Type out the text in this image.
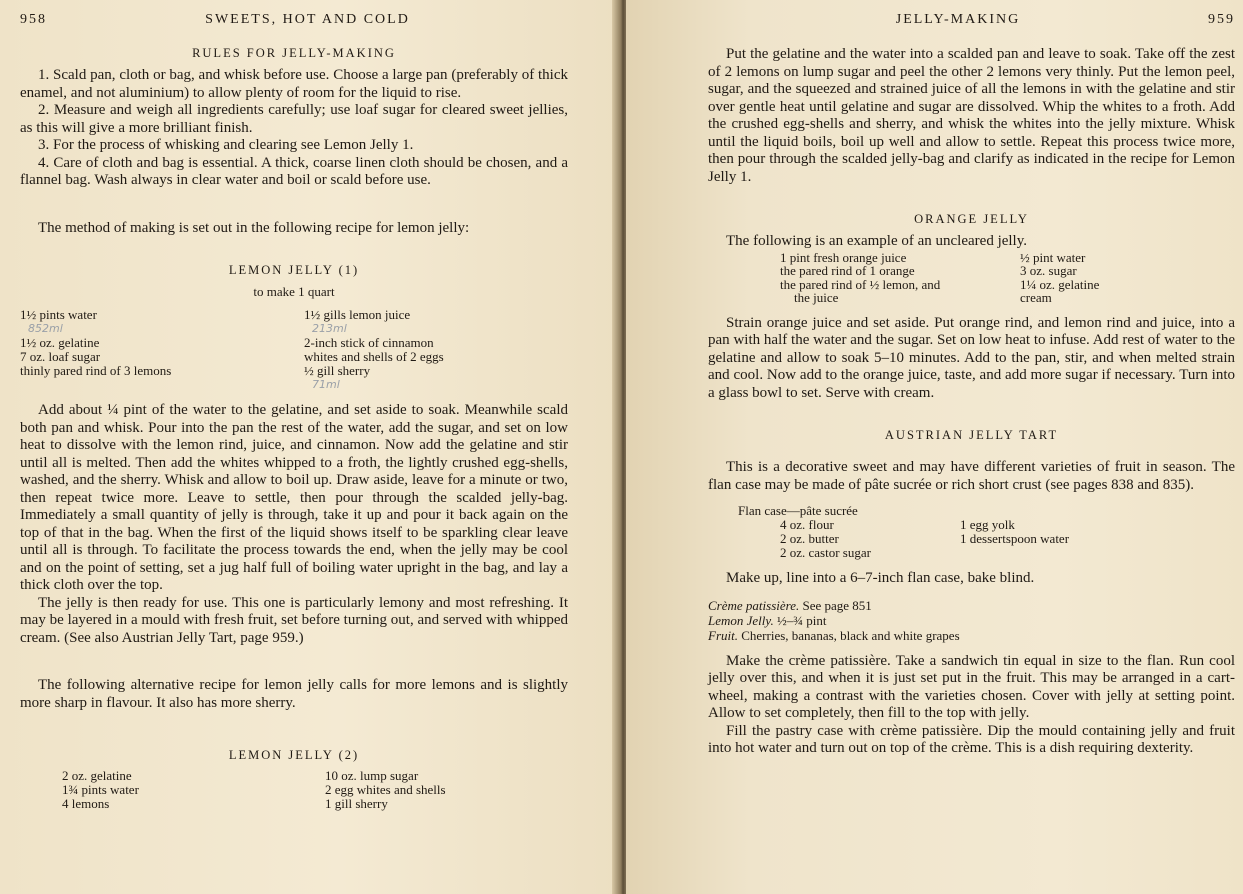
958	SWEETS, HOT AND COLD
RULES FOR JELLY-MAKING

1. Scald pan, cloth or bag, and whisk before use. Choose a large pan (preferably of thick enamel, and not aluminium) to allow plenty of room for the liquid to rise.

2. Measure and weigh all ingredients carefully; use loaf sugar for cleared sweet jellies, as this will give a more brilliant finish.

3. For the process of whisking and clearing see Lemon Jelly 1.

4. Care of cloth and bag is essential. A thick, coarse linen cloth should be chosen, and a flannel bag. Wash always in clear water and boil or scald before use.

The method of making is set out in the following recipe for lemon jelly:

LEMON JELLY (1)
to make 1 quart
1½ pints water
852ml
1½ oz. gelatine
7 oz. loaf sugar
thinly pared rind of 3 lemons
1½ gills lemon juice
213ml
2-inch stick of cinnamon
whites and shells of 2 eggs
½ gill sherry
71ml

Add about ¼ pint of the water to the gelatine, and set aside to soak. Meanwhile scald both pan and whisk. Pour into the pan the rest of the water, add the sugar, and set on low heat to dissolve with the lemon rind, juice, and cinnamon. Now add the gelatine and stir until all is melted. Then add the whites whipped to a froth, the lightly crushed egg-shells, washed, and the sherry. Whisk and allow to boil up. Draw aside, leave for a minute or two, then repeat twice more. Leave to settle, then pour through the scalded jelly-bag. Immediately a small quantity of jelly is through, take it up and pour it back again on the top of that in the bag. When the first of the liquid shows itself to be sparkling clear leave until all is through. To facilitate the process towards the end, when the jelly may be cool and on the point of setting, set a jug half full of boiling water upright in the bag, and lay a thick cloth over the top.

The jelly is then ready for use. This one is particularly lemony and most refreshing. It may be layered in a mould with fresh fruit, set before turning out, and served with whipped cream. (See also Austrian Jelly Tart, page 959.)

The following alternative recipe for lemon jelly calls for more lemons and is slightly more sharp in flavour. It also has more sherry.

LEMON JELLY (2)
2 oz. gelatine
1¾ pints water
4 lemons
10 oz. lump sugar
2 egg whites and shells
1 gill sherry
JELLY-MAKING	959

Put the gelatine and the water into a scalded pan and leave to soak. Take off the zest of 2 lemons on lump sugar and peel the other 2 lemons very thinly. Put the lemon peel, sugar, and the squeezed and strained juice of all the lemons in with the gelatine and stir over gentle heat until gelatine and sugar are dissolved. Whip the whites to a froth. Add the crushed egg-shells and sherry, and whisk the whites into the jelly mixture. Whisk until the liquid boils, boil up well and allow to settle. Repeat this process twice more, then pour through the scalded jelly-bag and clarify as indicated in the recipe for Lemon Jelly 1.

ORANGE JELLY

The following is an example of an uncleared jelly.

1 pint fresh orange juice
the pared rind of 1 orange
the pared rind of ½ lemon, and
the juice
½ pint water
3 oz. sugar
1¼ oz. gelatine
cream

Strain orange juice and set aside. Put orange rind, and lemon rind and juice, into a pan with half the water and the sugar. Set on low heat to infuse. Add rest of water to the gelatine and allow to soak 5–10 minutes. Add to the pan, stir, and when melted strain and cool. Now add to the orange juice, taste, and add more sugar if necessary. Turn into a glass bowl to set. Serve with cream.

AUSTRIAN JELLY TART

This is a decorative sweet and may have different varieties of fruit in season. The flan case may be made of pâte sucrée or rich short crust (see pages 838 and 835).

Flan case—pâte sucrée
4 oz. flour
2 oz. butter
2 oz. castor sugar
1 egg yolk
1 dessertspoon water

Make up, line into a 6–7-inch flan case, bake blind.

Crème patissière. See page 851
Lemon Jelly. ½–¾ pint
Fruit. Cherries, bananas, black and white grapes

Make the crème patissière. Take a sandwich tin equal in size to the flan. Run cool jelly over this, and when it is just set put in the fruit. This may be arranged in a cart-wheel, making a contrast with the varieties chosen. Cover with jelly at setting point. Allow to set completely, then fill to the top with jelly.

Fill the pastry case with crème patissière. Dip the mould containing jelly and fruit into hot water and turn out on top of the crème. This is a dish requiring dexterity.
